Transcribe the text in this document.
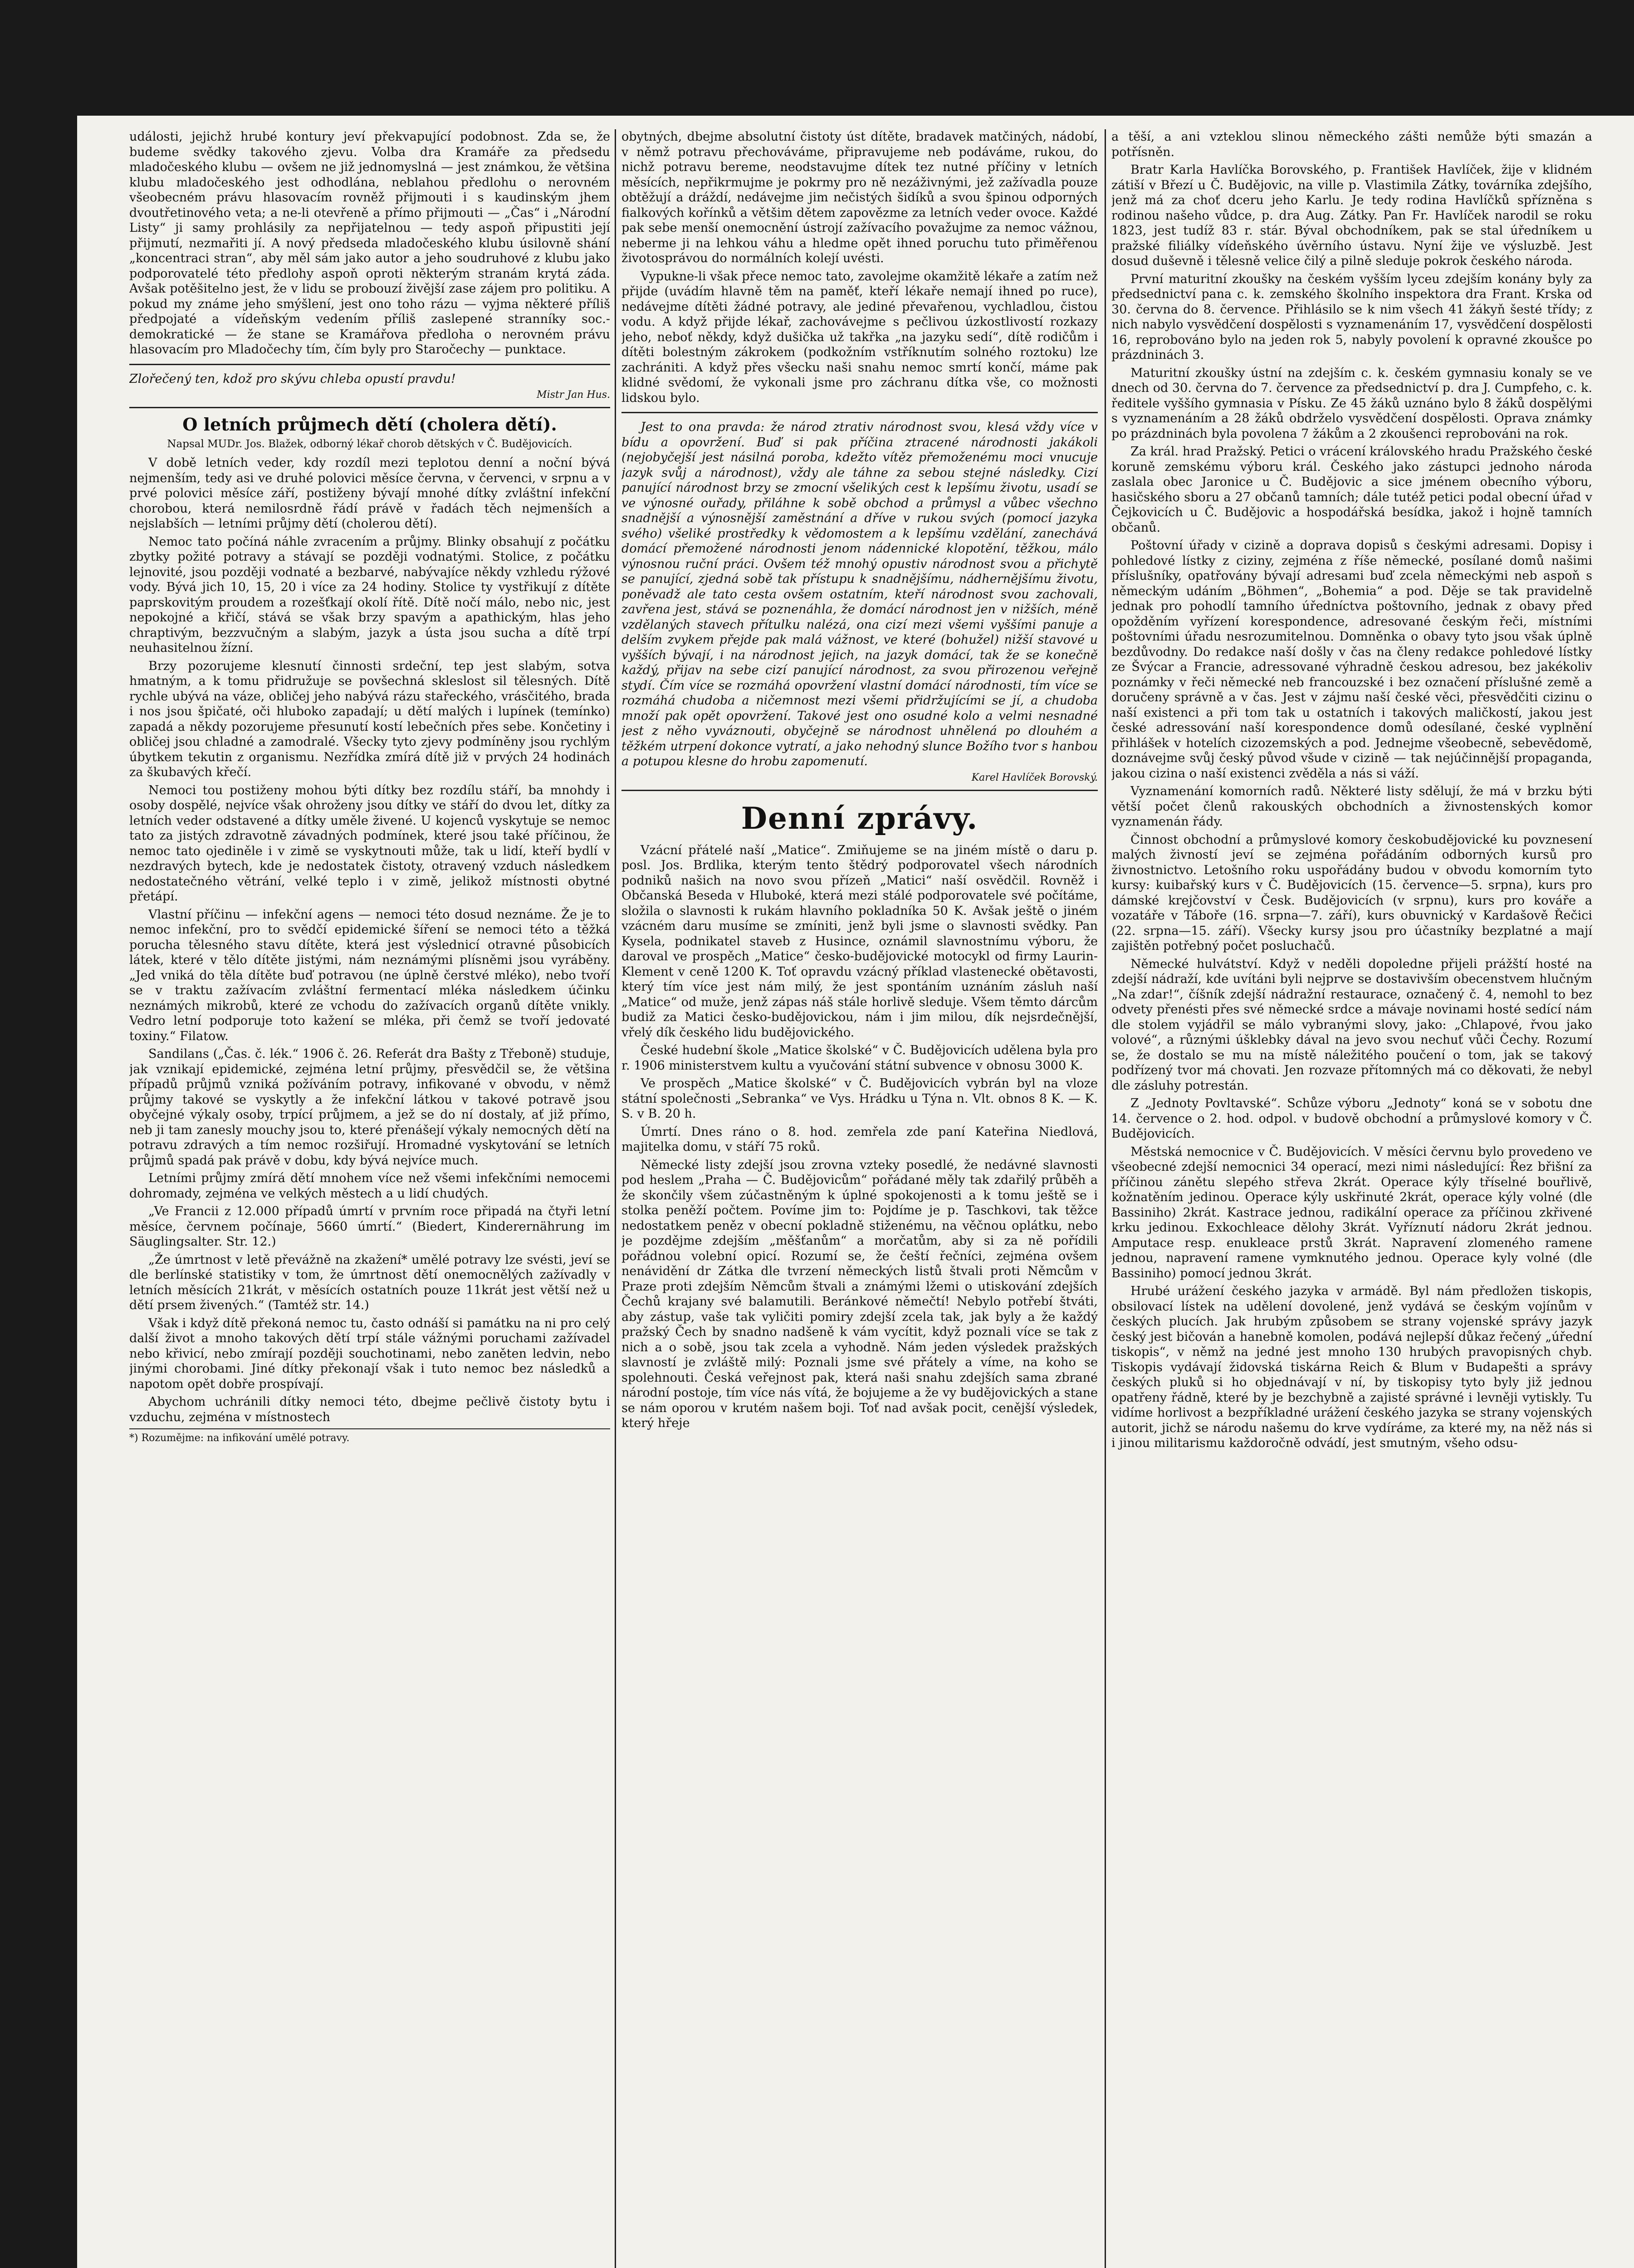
události, jejichž hrubé kontury jeví překvapující podobnost. Zda se, že budeme svědky takového zjevu. Volba dra Kramáře za předsedu mladočeského klubu — ovšem ne již jednomyslná — jest známkou, že většina klubu mladočeského jest odhodlána, neblahou předlohu o nerovném všeobecném právu hlasovacím rovněž přijmouti i s kaudinským jhem dvoutřetinového veta; a ne-li otevřeně a přímo přijmouti — „Čas“ i „Národní Listy“ ji samy prohlásily za nepřijatelnou — tedy aspoň připustiti její přijmutí, nezmařiti jí. A nový předseda mladočeského klubu úsilovně shání „koncentraci stran“, aby měl sám jako autor a jeho soudruhové z klubu jako podporovatelé této předlohy aspoň oproti některým stranám krytá záda. Avšak potěšitelno jest, že v lidu se probouzí živější zase zájem pro politiku. A pokud my známe jeho smýšlení, jest ono toho rázu — vyjma některé příliš předpojaté a vídeňským vedením příliš zaslepené stranníky soc.-demokratické — že stane se Kramářova předloha o nerovném právu hlasovacím pro Mladočechy tím, čím byly pro Staročechy — punktace.

Zlořečený ten, kdož pro skývu chleba opustí pravdu!

Mistr Jan Hus.
O letních průjmech dětí (cholera dětí).
Napsal MUDr. Jos. Blažek, odborný lékař chorob dětských v Č. Budějovicích.

V době letních veder, kdy rozdíl mezi teplotou denní a noční bývá nejmenším, tedy asi ve druhé polovici měsíce června, v červenci, v srpnu a v prvé polovici měsíce září, postiženy bývají mnohé dítky zvláštní infekční chorobou, která nemilosrdně řádí právě v řadách těch nejmenších a nejslabších — letními průjmy dětí (cholerou dětí).

Nemoc tato počíná náhle zvracením a průjmy. Blinky obsahují z počátku zbytky požité potravy a stávají se později vodnatými. Stolice, z počátku lejnovité, jsou později vodnaté a bezbarvé, nabývajíce někdy vzhledu rýžové vody. Bývá jich 10, 15, 20 i více za 24 hodiny. Stolice ty vystřikují z dítěte paprskovitým proudem a rozešťkají okolí řítě. Dítě nočí málo, nebo nic, jest nepokojné a křičí, stává se však brzy spavým a apathickým, hlas jeho chraptivým, bezzvučným a slabým, jazyk a ústa jsou sucha a dítě trpí neuhasitelnou žízní.

Brzy pozorujeme klesnutí činnosti srdeční, tep jest slabým, sotva hmatným, a k tomu přidružuje se povšechná skleslost sil tělesných. Dítě rychle ubývá na váze, obličej jeho nabývá rázu stařeckého, vrásčitého, brada i nos jsou špičaté, oči hluboko zapadají; u dětí malých i lupínek (temínko) zapadá a někdy pozorujeme přesunutí kostí lebečních přes sebe. Končetiny i obličej jsou chladné a zamodralé. Všecky tyto zjevy podmíněny jsou rychlým úbytkem tekutin z organismu. Nezřídka zmírá dítě již v prvých 24 hodinách za škubavých křečí.

Nemoci tou postiženy mohou býti dítky bez rozdílu stáří, ba mnohdy i osoby dospělé, nejvíce však ohroženy jsou dítky ve stáří do dvou let, dítky za letních veder odstavené a dítky uměle živené. U kojenců vyskytuje se nemoc tato za jistých zdravotně závadných podmínek, které jsou také příčinou, že nemoc tato ojediněle i v zimě se vyskytnouti může, tak u lidí, kteří bydlí v nezdravých bytech, kde je nedostatek čistoty, otravený vzduch následkem nedostatečného větrání, velké teplo i v zimě, jelikož místnosti obytné přetápí.

Vlastní příčinu — infekční agens — nemoci této dosud neznáme. Že je to nemoc infekční, pro to svědčí epidemické šíření se nemoci této a těžká porucha tělesného stavu dítěte, která jest výslednicí otravné působicích látek, které v tělo dítěte jistými, nám neznámými plísněmi jsou vyráběny. „Jed vniká do těla dítěte buď potravou (ne úplně čerstvé mléko), nebo tvoří se v traktu zažívacím zvláštní fermentací mléka následkem účinku neznámých mikrobů, které ze vchodu do zažívacích organů dítěte vnikly. Vedro letní podporuje toto kažení se mléka, při čemž se tvoří jedovaté toxiny.“ Filatow.

Sandilans („Čas. č. lék.“ 1906 č. 26. Referát dra Bašty z Třeboně) studuje, jak vznikají epidemické, zejména letní průjmy, přesvědčil se, že většina případů průjmů vzniká požíváním potravy, infikované v obvodu, v němž průjmy takové se vyskytly a že infekční látkou v takové potravě jsou obyčejné výkaly osoby, trpící průjmem, a jež se do ní dostaly, ať již přímo, neb ji tam zanesly mouchy jsou to, které přenášejí výkaly nemocných dětí na potravu zdravých a tím nemoc rozšiřují. Hromadné vyskytování se letních průjmů spadá pak právě v dobu, kdy bývá nejvíce much.

Letními průjmy zmírá dětí mnohem více než všemi infekčními nemocemi dohromady, zejména ve velkých městech a u lidí chudých.

„Ve Francii z 12.000 případů úmrtí v prvním roce připadá na čtyři letní měsíce, červnem počínaje, 5660 úmrtí.“ (Biedert, Kinderernährung im Säuglingsalter. Str. 12.)

„Že úmrtnost v letě převážně na zkažení* umělé potravy lze svésti, jeví se dle berlínské statistiky v tom, že úmrtnost dětí onemocnělých zažívadly v letních měsících 21krát, v měsících ostatních pouze 11krát jest větší než u dětí prsem živených.“ (Tamtéž str. 14.)

Však i když dítě překoná nemoc tu, často odnáší si památku na ni pro celý další život a mnoho takových dětí trpí stále vážnými poruchami zažívadel nebo křivicí, nebo zmírají později souchotinami, nebo zaněten ledvin, nebo jinými chorobami. Jiné dítky překonají však i tuto nemoc bez následků a napotom opět dobře prospívají.

Abychom uchránili dítky nemoci této, dbejme pečlivě čistoty bytu i vzduchu, zejména v místnostech

*) Rozumějme: na infikování umělé potravy.

obytných, dbejme absolutní čistoty úst dítěte, bradavek matčiných, nádobí, v němž potravu přechováváme, připravujeme neb podáváme, rukou, do nichž potravu bereme, neodstavujme dítek tez nutné příčiny v letních měsících, nepřikrmujme je pokrmy pro ně nezáživnými, jež zažívadla pouze obtěžují a dráždí, nedávejme jim nečistých šidíků a svou špinou odporných fialkových kořínků a většim dětem zapovězme za letních veder ovoce. Každé pak sebe menší onemocnění ústrojí zažívacího považujme za nemoc vážnou, neberme ji na lehkou váhu a hledme opět ihned poruchu tuto přiměřenou životosprávou do normálních kolejí uvésti.

Vypukne-li však přece nemoc tato, zavolejme okamžitě lékaře a zatím než přijde (uvádím hlavně těm na paměť, kteří lékaře nemají ihned po ruce), nedávejme dítěti žádné potravy, ale jediné převařenou, vychladlou, čistou vodu. A když přijde lékař, zachovávejme s pečlivou úzkostlivostí rozkazy jeho, neboť někdy, když dušička už takřka „na jazyku sedí“, dítě rodičům i dítěti bolestným zákrokem (podkožním vstříknutím solného roztoku) lze zachrániti. A když přes všecku naši snahu nemoc smrtí končí, máme pak klidné svědomí, že vykonali jsme pro záchranu dítka vše, co možnosti lidskou bylo.

Jest to ona pravda: že národ ztrativ národnost svou, klesá vždy více v bídu a opovržení. Buď si pak příčina ztracené národnosti jakákoli (nejobyčejší jest násilná poroba, kdežto vítěz přemoženému moci vnucuje jazyk svůj a národnost), vždy ale táhne za sebou stejné následky. Cizí panující národnost brzy se zmocní všelikých cest k lepšímu životu, usadí se ve výnosné ouřady, přiláhne k sobě obchod a průmysl a vůbec všechno snadnější a výnosnější zaměstnání a dříve v rukou svých (pomocí jazyka svého) všeliké prostředky k vědomostem a k lepšímu vzdělání, zanechává domácí přemožené národnosti jenom nádennické klopotění, těžkou, málo výnosnou ruční práci. Ovšem též mnohý opustiv národnost svou a přichytě se panující, zjedná sobě tak přístupu k snadnějšímu, nádhernějšímu životu, poněvadž ale tato cesta ovšem ostatním, kteří národnost svou zachovali, zavřena jest, stává se poznenáhla, že domácí národnost jen v nižších, méně vzdělaných stavech přítulku nalézá, ona cizí mezi všemi vyššími panuje a delším zvykem přejde pak malá vážnost, ve které (bohužel) nižší stavové u vyšších bývají, i na národnost jejich, na jazyk domácí, tak že se konečně každý, přijav na sebe cizí panující národnost, za svou přirozenou veřejně stydí. Čím více se rozmáhá opovržení vlastní domácí národnosti, tím více se rozmáhá chudoba a ničemnost mezi všemi přidržujícími se jí, a chudoba množí pak opět opovržení. Takové jest ono osudné kolo a velmi nesnadné jest z něho vyváznouti, obyčejně se národnost uhnělená po dlouhém a těžkém utrpení dokonce vytratí, a jako nehodný slunce Božího tvor s hanbou a potupou klesne do hrobu zapomenutí.

Karel Havlíček Borovský.
Denní zprávy.

Vzácní přátelé naší „Matice“. Zmiňujeme se na jiném místě o daru p. posl. Jos. Brdlika, kterým tento štědrý podporovatel všech národních podniků našich na novo svou přízeň „Matici“ naší osvědčil. Rovněž i Občanská Beseda v Hluboké, která mezi stálé podporovatele své počítáme, složila o slavnosti k rukám hlavního pokladníka 50 K. Avšak ještě o jiném vzácném daru musíme se zmíniti, jenž byli jsme o slavnosti svědky. Pan Kysela, podnikatel staveb z Husince, oznámil slavnostnímu výboru, že daroval ve prospěch „Matice“ česko-budějovické motocykl od firmy Laurin-Klement v ceně 1200 K. Toť opravdu vzácný příklad vlastenecké obětavosti, který tím více jest nám milý, že jest spontáním uznáním zásluh naší „Matice“ od muže, jenž zápas náš stále horlivě sleduje. Všem těmto dárcům budiž za Matici česko-budějovickou, nám i jim milou, dík nejsrdečnější, vřelý dík českého lidu budějovického.

České hudební škole „Matice školské“ v Č. Budějovicích udělena byla pro r. 1906 ministerstvem kultu a vyučování státní subvence v obnosu 3000 K.

Ve prospěch „Matice školské“ v Č. Budějovicích vybrán byl na vloze státní společnosti „Sebranka“ ve Vys. Hrádku u Týna n. Vlt. obnos 8 K. — K. S. v B. 20 h.

Úmrtí. Dnes ráno o 8. hod. zemřela zde paní Kateřina Niedlová, majitelka domu, v stáří 75 roků.

Německé listy zdejší jsou zrovna vzteky posedlé, že nedávné slavnosti pod heslem „Praha — Č. Budějovicům“ pořádané měly tak zdařilý průběh a že skončily všem zúčastněným k úplné spokojenosti a k tomu ještě se i stolka peněží počtem. Povíme jim to: Pojdíme je p. Taschkovi, tak těžce nedostatkem peněz v obecní pokladně stiženému, na věčnou oplátku, nebo je pozdějme zdejším „měšťanům“ a morčatům, aby si za ně pořídili pořádnou volební opicí. Rozumí se, že čeští řečníci, zejména ovšem nenávidění dr Zátka dle tvrzení německých listů štvali proti Němcům v Praze proti zdejším Němcům štvali a známými lžemi o utiskování zdejších Čechů krajany své balamutili. Beránkové němečtí! Nebylo potřebí štváti, aby zástup, vaše tak vyličiti pomiry zdejší zcela tak, jak byly a že každý pražský Čech by snadno nadšeně k vám vycítit, když poznali více se tak z nich a o sobě, jsou tak zcela a vyhodně. Nám jeden výsledek pražských slavností je zvláště milý: Poznali jsme své přátely a víme, na koho se spolehnouti. Česká veřejnost pak, která naši snahu zdejších sama zbrané národní postoje, tím více nás vítá, že bojujeme a že vy budějovických a stane se nám oporou v krutém našem boji. Toť nad avšak pocit, cenější výsledek, který hřeje

a těší, a ani vzteklou slinou německého zášti nemůže býti smazán a potřísněn.

Bratr Karla Havlíčka Borovského, p. František Havlíček, žije v klidném zátiší v Březí u Č. Budějovic, na ville p. Vlastimila Zátky, továrníka zdejšího, jenž má za choť dceru jeho Karlu. Je tedy rodina Havlíčků spřízněna s rodinou našeho vůdce, p. dra Aug. Zátky. Pan Fr. Havlíček narodil se roku 1823, jest tudíž 83 r. stár. Býval obchodníkem, pak se stal úředníkem u pražské filiálky vídeňského úvěrního ústavu. Nyní žije ve výsluzbě. Jest dosud duševně i tělesně velice čilý a pilně sleduje pokrok českého národa.

První maturitní zkoušky na českém vyšším lyceu zdejším konány byly za předsednictví pana c. k. zemského školního inspektora dra Frant. Krska od 30. června do 8. července. Přihlásilo se k nim všech 41 žákyň šesté třídy; z nich nabylo vysvědčení dospělosti s vyznamenáním 17, vysvědčení dospělosti 16, reprobováno bylo na jeden rok 5, nabyly povolení k opravné zkoušce po prázdninách 3.

Maturitní zkoušky ústní na zdejším c. k. českém gymnasiu konaly se ve dnech od 30. června do 7. července za předsednictví p. dra J. Cumpfeho, c. k. ředitele vyššího gymnasia v Písku. Ze 45 žáků uznáno bylo 8 žáků dospělými s vyznamenáním a 28 žáků obdrželo vysvědčení dospělosti. Oprava známky po prázdninách byla povolena 7 žákům a 2 zkoušenci reprobováni na rok.

Za král. hrad Pražský. Petici o vrácení královského hradu Pražského české koruně zemskému výboru král. Českého jako zástupci jednoho národa zaslala obec Jaronice u Č. Budějovic a sice jménem obecního výboru, hasičského sboru a 27 občanů tamních; dále tutéž petici podal obecní úřad v Čejkovicích u Č. Budějovic a hospodářská besídka, jakož i hojně tamních občanů.

Poštovní úřady v cizině a doprava dopisů s českými adresami. Dopisy i pohledové lístky z ciziny, zejména z říše německé, posílané domů našimi příslušníky, opatřovány bývají adresami buď zcela německými neb aspoň s německým udáním „Böhmen“, „Bohemia“ a pod. Děje se tak pravidelně jednak pro pohodlí tamního úředníctva poštovního, jednak z obavy před opožděním vyřízení korespondence, adresované českým řeči, místními poštovními úřadu nesrozumitelnou. Domněnka o obavy tyto jsou však úplně bezdůvodny. Do redakce naší došly v čas na členy redakce pohledové lístky ze Švýcar a Francie, adressované výhradně českou adresou, bez jakékoliv poznámky v řeči německé neb francouzské i bez označení příslušné země a doručeny správně a v čas. Jest v zájmu naší české věci, přesvědčiti cizinu o naší existenci a při tom tak u ostatních i takových maličkostí, jakou jest české adressování naší korespondence domů odesílané, české vyplnění přihlášek v hotelích cizozemských a pod. Jednejme všeobecně, sebevědomě, doznávejme svůj český původ všude v cizině — tak nejúčinnější propaganda, jakou cizina o naší existenci zvěděla a nás si váží.

Vyznamenání komorních radů. Některé listy sdělují, že má v brzku býti větší počet členů rakouských obchodních a živnostenských komor vyznamenán řády.

Činnost obchodní a průmyslové komory českobudějovické ku povznesení malých živností jeví se zejména pořádáním odborných kursů pro živnostnictvo. Letošního roku uspořádány budou v obvodu komorním tyto kursy: kuibařský kurs v Č. Budějovicích (15. července—5. srpna), kurs pro dámské krejčovství v Česk. Budějovicích (v srpnu), kurs pro kováře a vozatáře v Táboře (16. srpna—7. září), kurs obuvnický v Kardašově Řečici (22. srpna—15. září). Všecky kursy jsou pro účastníky bezplatné a mají zajištěn potřebný počet posluchačů.

Německé hulvátství. Když v neděli dopoledne přijeli prážští hosté na zdejší nádraží, kde uvítáni byli nejprve se dostavivším obecenstvem hlučným „Na zdar!“, číšník zdejší nádražní restaurace, označený č. 4, nemohl to bez odvety přenésti přes své německé srdce a mávaje novinami hosté sedící nám dle stolem vyjádřil se málo vybranými slovy, jako: „Chlapové, řvou jako volové“, a různými úšklebky dával na jevo svou nechuť vůči Čechy. Rozumí se, že dostalo se mu na místě náležitého poučení o tom, jak se takový podřízený tvor má chovati. Jen rozvaze přítomných má co děkovati, že nebyl dle zásluhy potrestán.

Z „Jednoty Povltavské“. Schůze výboru „Jednoty“ koná se v sobotu dne 14. července o 2. hod. odpol. v budově obchodní a průmyslové komory v Č. Budějovicích.

Městská nemocnice v Č. Budějovicích. V měsíci červnu bylo provedeno ve všeobecné zdejší nemocnici 34 operací, mezi nimi následující: Řez břišní za příčinou zánětu slepého střeva 2krát. Operace kýly tříselné bouřlivě, kožnatěním jedinou. Operace kýly uskřinuté 2krát, operace kýly volné (dle Bassiniho) 2krát. Kastrace jednou, radikální operace za příčinou zkřivené krku jedinou. Exkochleace dělohy 3krát. Vyříznutí nádoru 2krát jednou. Amputace resp. enukleace prstů 3krát. Napravení zlomeného ramene jednou, napravení ramene vymknutého jednou. Operace kyly volné (dle Bassiniho) pomocí jednou 3krát.

Hrubé urážení českého jazyka v armádě. Byl nám předložen tiskopis, obsilovací lístek na udělení dovolené, jenž vydává se českým vojínům v českých plucích. Jak hrubým způsobem se strany vojenské správy jazyk český jest bičován a hanebně komolen, podává nejlepší důkaz řečený „úřední tiskopis“, v němž na jedné jest mnoho 130 hrubých pravopisných chyb. Tiskopis vydávají židovská tiskárna Reich & Blum v Budapešti a správy českých pluků si ho objednávají v ní, by tiskopisy tyto byly již jednou opatřeny řádně, které by je bezchybně a zajisté správné i levněji vytiskly. Tu vidíme horlivost a bezpříkladné urážení českého jazyka se strany vojenských autorit, jichž se národu našemu do krve vydíráme, za které my, na něž nás si i jinou militarismu každoročně odvádí, jest smutným, všeho odsu-
